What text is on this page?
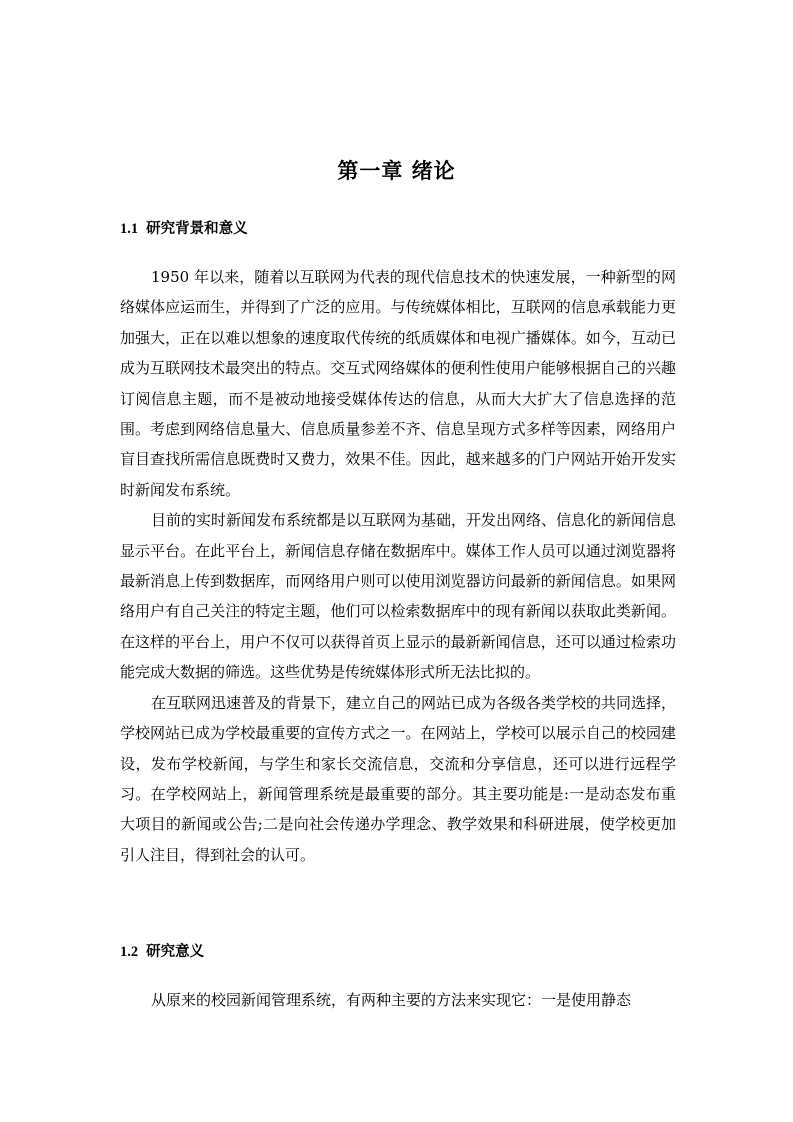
第一章 绪论
1.1 研究背景和意义

1950 年以来，随着以互联网为代表的现代信息技术的快速发展，一种新型的网络媒体应运而生，并得到了广泛的应用。与传统媒体相比，互联网的信息承载能力更加强大，正在以难以想象的速度取代传统的纸质媒体和电视广播媒体。如今，互动已成为互联网技术最突出的特点。交互式网络媒体的便利性使用户能够根据自己的兴趣订阅信息主题，而不是被动地接受媒体传达的信息，从而大大扩大了信息选择的范围。考虑到网络信息量大、信息质量参差不齐、信息呈现方式多样等因素，网络用户盲目查找所需信息既费时又费力，效果不佳。因此，越来越多的门户网站开始开发实时新闻发布系统。

目前的实时新闻发布系统都是以互联网为基础，开发出网络、信息化的新闻信息显示平台。在此平台上，新闻信息存储在数据库中。媒体工作人员可以通过浏览器将最新消息上传到数据库，而网络用户则可以使用浏览器访问最新的新闻信息。如果网络用户有自己关注的特定主题，他们可以检索数据库中的现有新闻以获取此类新闻。在这样的平台上，用户不仅可以获得首页上显示的最新新闻信息，还可以通过检索功能完成大数据的筛选。这些优势是传统媒体形式所无法比拟的。

在互联网迅速普及的背景下，建立自己的网站已成为各级各类学校的共同选择，学校网站已成为学校最重要的宣传方式之一。在网站上，学校可以展示自己的校园建设，发布学校新闻，与学生和家长交流信息，交流和分享信息，还可以进行远程学习。在学校网站上，新闻管理系统是最重要的部分。其主要功能是:一是动态发布重大项目的新闻或公告;二是向社会传递办学理念、教学效果和科研进展，使学校更加引人注目，得到社会的认可。

1.2 研究意义

从原来的校园新闻管理系统，有两种主要的方法来实现它：一是使用静态
